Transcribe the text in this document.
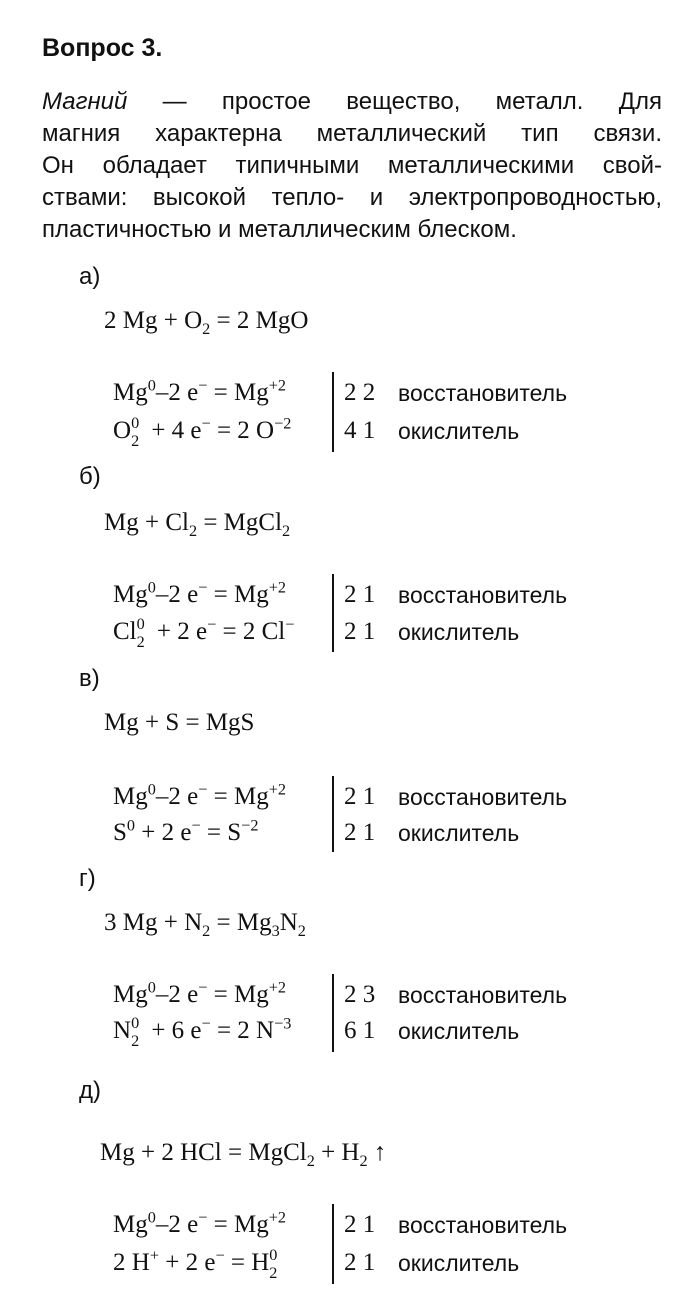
Вопрос 3.

Магний — простое вещество, металл. Для
магния характерна металлический тип связи.
Он обладает типичными металлическими свой-
ствами: высокой тепло- и электропроводностью,
пластичностью и металлическим блеском.

а)
2 $Mg + O_2 = 2$ MgO
Mg$^0$–2 $e^- = Mg^{+2}$ 2 2 восстановитель
O 0
2 + 4 e− = 2 $O^{-2}$ 4 1 окислитель
б)
$Mg + Cl_2$ = MgCl$_2$
Mg$^0$–2 $e^- = Mg^{+2}$ 2 1 восстановитель
Cl 0
2 + 2 e− = 2 Cl− 2 1 окислитель
в)
Mg + S = MgS
Mg$^0$–2 $e^- = Mg^{+2}$ 2 1 восстановитель
$S^0 + 2$ $e^- = S^{-2}$	2 1 окислитель
г)
3 $Mg + N_2 = Mg_3N_2$
Mg$^0$–2 $e^- = Mg^{+2}$ 2 3 восстановитель
N 0
2 + 6 e− = 2 $N^{-3}$ 6 1 окислитель
д)
Mg + 2 HCl = MgCl$_2$ + $H_2$ ↑
Mg$^0$–2 $e^- = Mg^{+2}$ 2 1 восстановитель
2 H+ + 2 e− = H 0
2	2 1 окислитель
